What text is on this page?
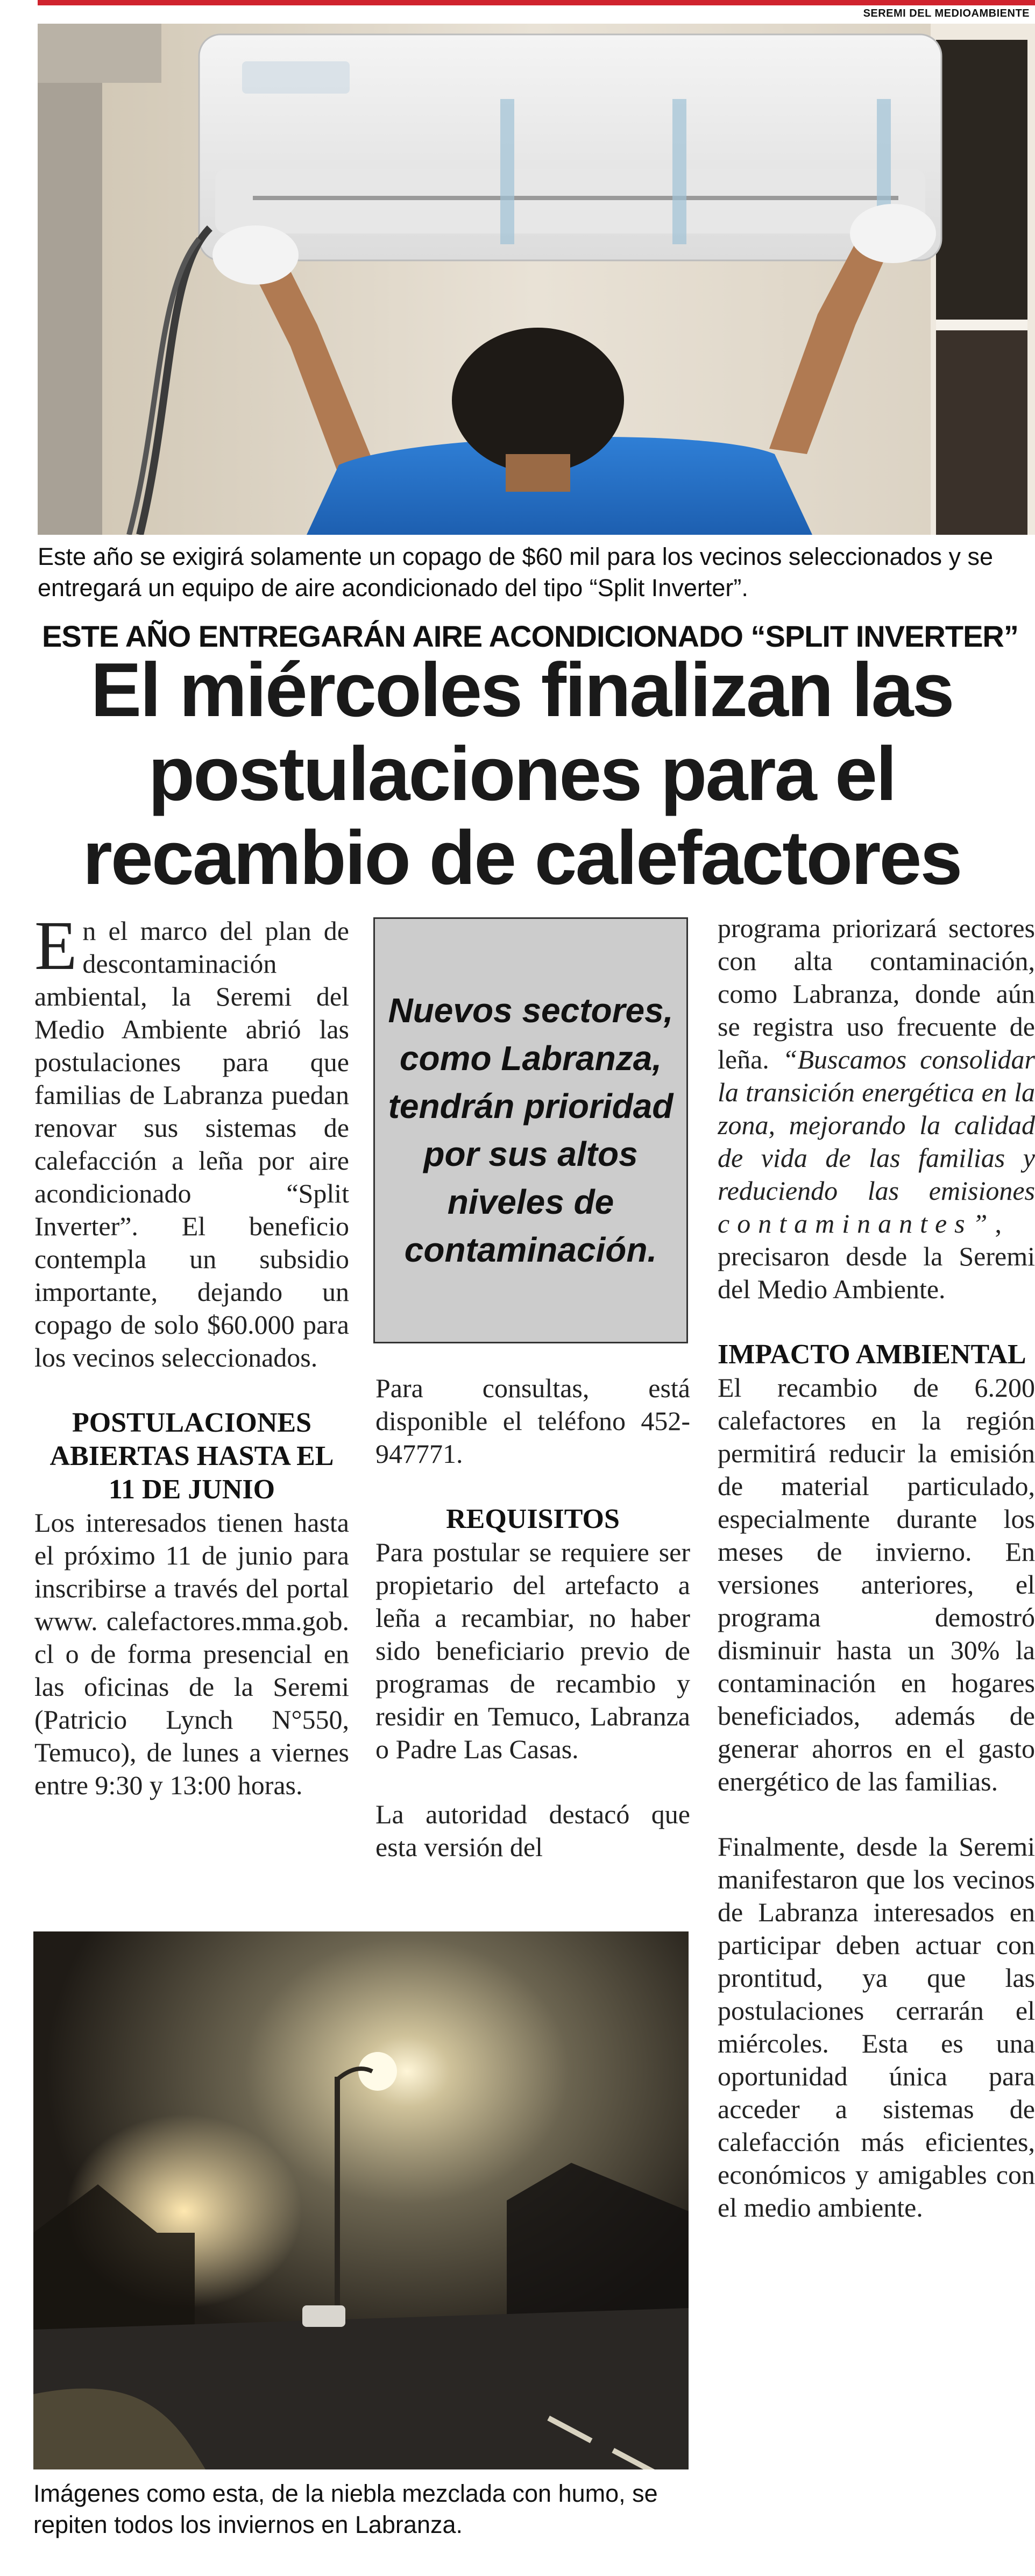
SEREMI DEL MEDIOAMBIENTE
Este año se exigirá solamente un copago de $60 mil para los vecinos seleccionados y se entregará un equipo de aire acondicionado del tipo “Split Inverter”.
ESTE AÑO ENTREGARÁN AIRE ACONDICIONADO “SPLIT INVERTER”
El miércoles finalizan las postulaciones para el recambio de calefactores

En el marco del plan de descontaminación ambiental, la Seremi del Medio Ambiente abrió las postulaciones para que familias de Labranza puedan renovar sus sistemas de calefacción a leña por aire acondicionado “Split Inverter”. El beneficio contempla un subsidio importante, dejando un copago de solo $60.000 para los vecinos seleccionados.

POSTULACIONES ABIERTAS HASTA EL 11 DE JUNIO

Los interesados tienen hasta el próximo 11 de junio para inscribirse a través del portal www. calefactores.mma.gob. cl o de forma presencial en las oficinas de la Seremi (Patricio Lynch N°550, Temuco), de lunes a viernes entre 9:30 y 13:00 horas.

Nuevos sectores, como Labranza, tendrán prioridad por sus altos niveles de contaminación.

Para consultas, está disponible el teléfono 452-947771.

REQUISITOS

Para postular se requiere ser propietario del artefacto a leña a recambiar, no haber sido beneficiario previo de programas de recambio y residir en Temuco, Labranza o Padre Las Casas.

La autoridad destacó que esta versión del

programa priorizará sectores con alta contaminación, como Labranza, donde aún se registra uso frecuente de leña. “Buscamos consolidar la transición energética en la zona, mejorando la calidad de vida de las familias y reduciendo las emisiones contaminantes”, precisaron desde la Seremi del Medio Ambiente.

IMPACTO AMBIENTAL

El recambio de 6.200 calefactores en la región permitirá reducir la emisión de material particulado, especialmente durante los meses de invierno. En versiones anteriores, el programa demostró disminuir hasta un 30% la contaminación en hogares beneficiados, además de generar ahorros en el gasto energético de las familias.

Finalmente, desde la Seremi manifestaron que los vecinos de Labranza interesados en participar deben actuar con prontitud, ya que las postulaciones cerrarán el miércoles. Esta es una oportunidad única para acceder a sistemas de calefacción más eficientes, económicos y amigables con el medio ambiente.

Imágenes como esta, de la niebla mezclada con humo, se repiten todos los inviernos en Labranza.
